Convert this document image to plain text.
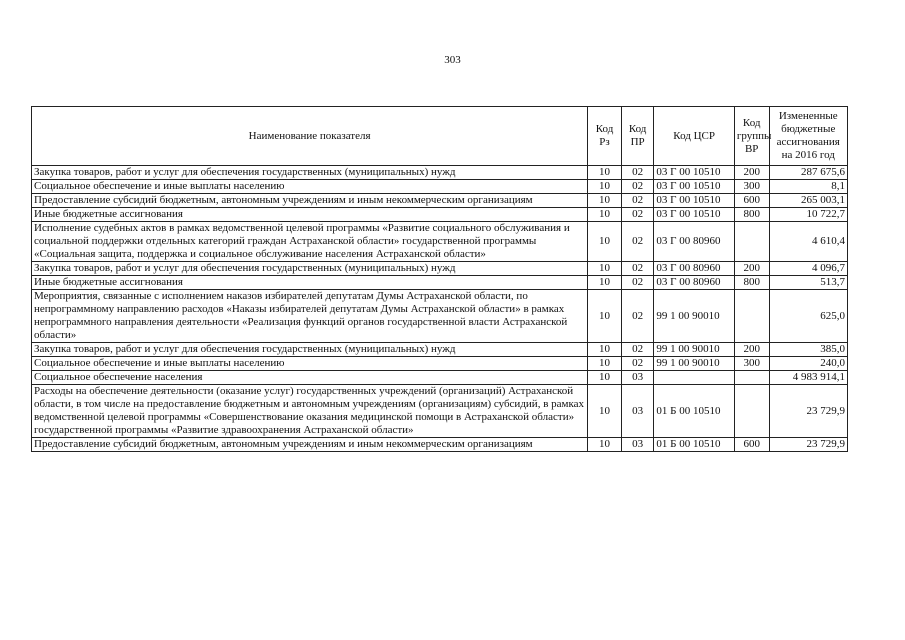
303
Наименование показателя	Код Рз	Код ПР	Код ЦСР	Код группы ВР	Измененные бюджетные ассигнования на 2016 год
Закупка товаров, работ и услуг для обеспечения государственных (муниципальных) нужд	10	02	03 Г 00 10510	200	287 675,6
Социальное обеспечение и иные выплаты населению	10	02	03 Г 00 10510	300	8,1
Предоставление субсидий бюджетным, автономным учреждениям и иным некоммерческим организациям	10	02	03 Г 00 10510	600	265 003,1
Иные бюджетные ассигнования	10	02	03 Г 00 10510	800	10 722,7
Исполнение судебных актов в рамках ведомственной целевой программы «Развитие социального обслуживания и социальной поддержки отдельных категорий граждан Астраханской области» государственной программы «Социальная защита, поддержка и социальное обслуживание населения Астраханской области»	10	02	03 Г 00 80960		4 610,4
Закупка товаров, работ и услуг для обеспечения государственных (муниципальных) нужд	10	02	03 Г 00 80960	200	4 096,7
Иные бюджетные ассигнования	10	02	03 Г 00 80960	800	513,7
Мероприятия, связанные с исполнением наказов избирателей депутатам Думы Астраханской области, по непрограммному направлению расходов «Наказы избирателей депутатам Думы Астраханской области» в рамках непрограммного направления деятельности «Реализация функций органов государственной власти Астраханской области»	10	02	99 1 00 90010		625,0
Закупка товаров, работ и услуг для обеспечения государственных (муниципальных) нужд	10	02	99 1 00 90010	200	385,0
Социальное обеспечение и иные выплаты населению	10	02	99 1 00 90010	300	240,0
Социальное обеспечение населения	10	03			4 983 914,1
Расходы на обеспечение деятельности (оказание услуг) государственных учреждений (организаций) Астраханской области, в том числе на предоставление бюджетным и автономным учреждениям (организациям) субсидий, в рамках ведомственной целевой программы «Совершенствование оказания медицинской помощи в Астраханской области» государственной программы «Развитие здравоохранения Астраханской области»	10	03	01 Б 00 10510		23 729,9
Предоставление субсидий бюджетным, автономным учреждениям и иным некоммерческим организациям	10	03	01 Б 00 10510	600	23 729,9
